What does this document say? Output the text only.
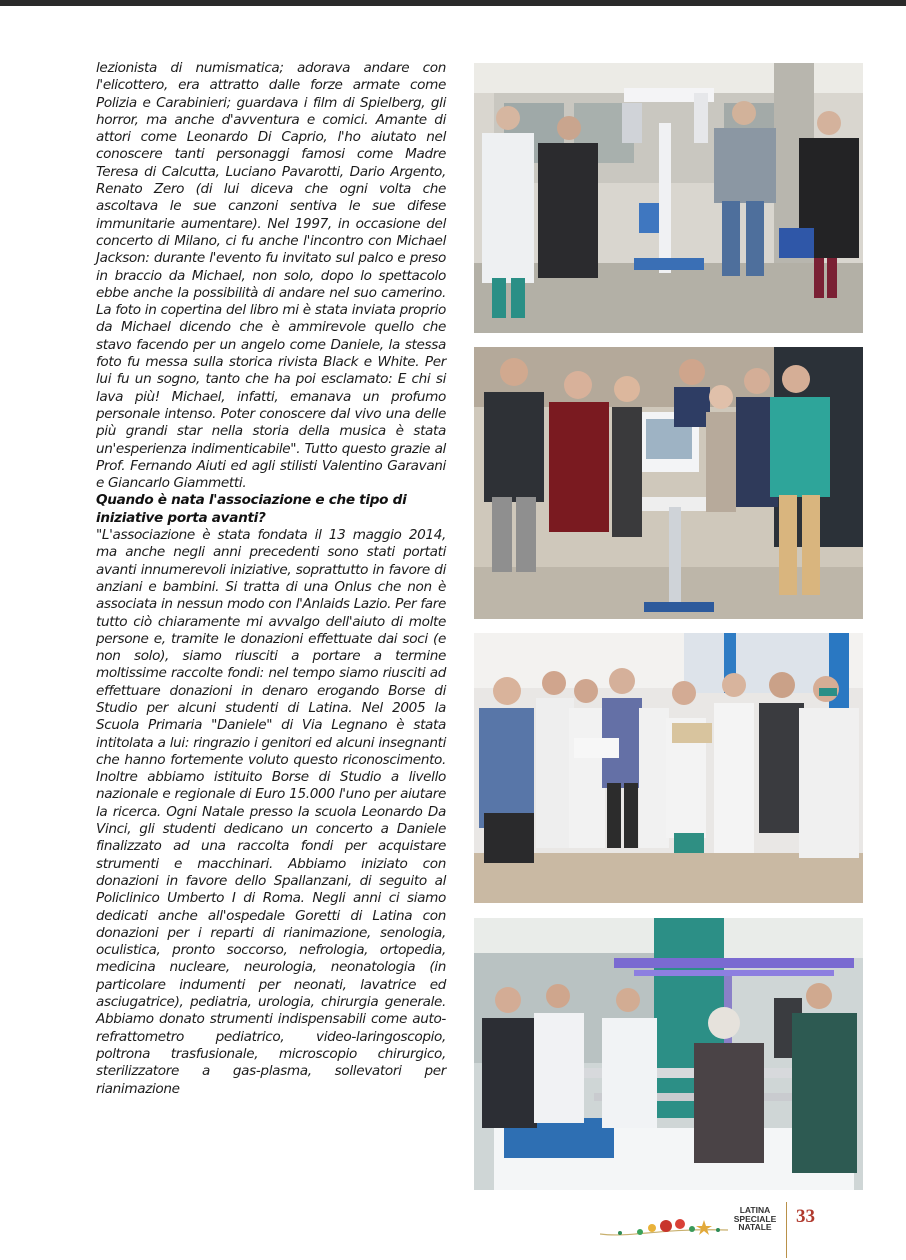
lezionista di numismatica; adorava andare con l'elicottero, era attratto dalle forze armate come Polizia e Carabinieri; guardava i film di Spielberg, gli horror, ma anche d'avventura e comici. Amante di attori come Leonardo Di Caprio, l'ho aiutato nel conoscere tanti personaggi famosi come Madre Teresa di Calcutta, Luciano Pavarotti, Dario Argento, Renato Zero (di lui diceva che ogni volta che ascoltava le sue canzoni sentiva le sue difese immunitarie aumentare). Nel 1997, in occasione del concerto di Milano, ci fu anche l'incontro con Michael Jackson: durante l'evento fu invitato sul palco e preso in braccio da Michael, non solo, dopo lo spettacolo ebbe anche la possibilità di andare nel suo camerino. La foto in copertina del libro mi è stata inviata proprio da Michael dicendo che è ammirevole quello che stavo facendo per un angelo come Daniele, la stessa foto fu messa sulla storica rivista Black e White. Per lui fu un sogno, tanto che ha poi esclamato: E chi si lava più! Michael, infatti, emanava un profumo personale intenso. Poter conoscere dal vivo una delle più grandi star nella storia della musica è stata un'esperienza indimenticabile". Tutto questo grazie al Prof. Fernando Aiuti ed agli stilisti Valentino Garavani e Giancarlo Giammetti.

Quando è nata l'associazione e che tipo di iniziative porta avanti?

"L'associazione è stata fondata il 13 maggio 2014, ma anche negli anni precedenti sono stati portati avanti innumerevoli iniziative, soprattutto in favore di anziani e bambini. Si tratta di una Onlus che non è associata in nessun modo con l'Anlaids Lazio. Per fare tutto ciò chiaramente mi avvalgo dell'aiuto di molte persone e, tramite le donazioni effettuate dai soci (e non solo), siamo riusciti a portare a termine moltissime raccolte fondi: nel tempo siamo riusciti ad effettuare donazioni in denaro erogando Borse di Studio per alcuni studenti di Latina. Nel 2005 la Scuola Primaria "Daniele" di Via Legnano è stata intitolata a lui: ringrazio i genitori ed alcuni insegnanti che hanno fortemente voluto questo riconoscimento. Inoltre abbiamo istituito Borse di Studio a livello nazionale e regionale di Euro 15.000 l'uno per aiutare la ricerca. Ogni Natale presso la scuola Leonardo Da Vinci, gli studenti dedicano un concerto a Daniele finalizzato ad una raccolta fondi per acquistare strumenti e macchinari. Abbiamo iniziato con donazioni in favore dello Spallanzani, di seguito al Policlinico Umberto I di Roma. Negli anni ci siamo dedicati anche all'ospedale Goretti di Latina con donazioni per i reparti di rianimazione, senologia, oculistica, pronto soccorso, nefrologia, ortopedia, medicina nucleare, neurologia, neonatologia (in particolare indumenti per neonati, lavatrice ed asciugatrice), pediatria, urologia, chirurgia generale. Abbiamo donato strumenti indispensabili come auto-refrattometro pediatrico, video-laringoscopio, poltrona trasfusionale, microscopio chirurgico, sterilizzatore a gas-plasma, sollevatori per rianimazione

LATINA
SPECIALE
NATALE	33
